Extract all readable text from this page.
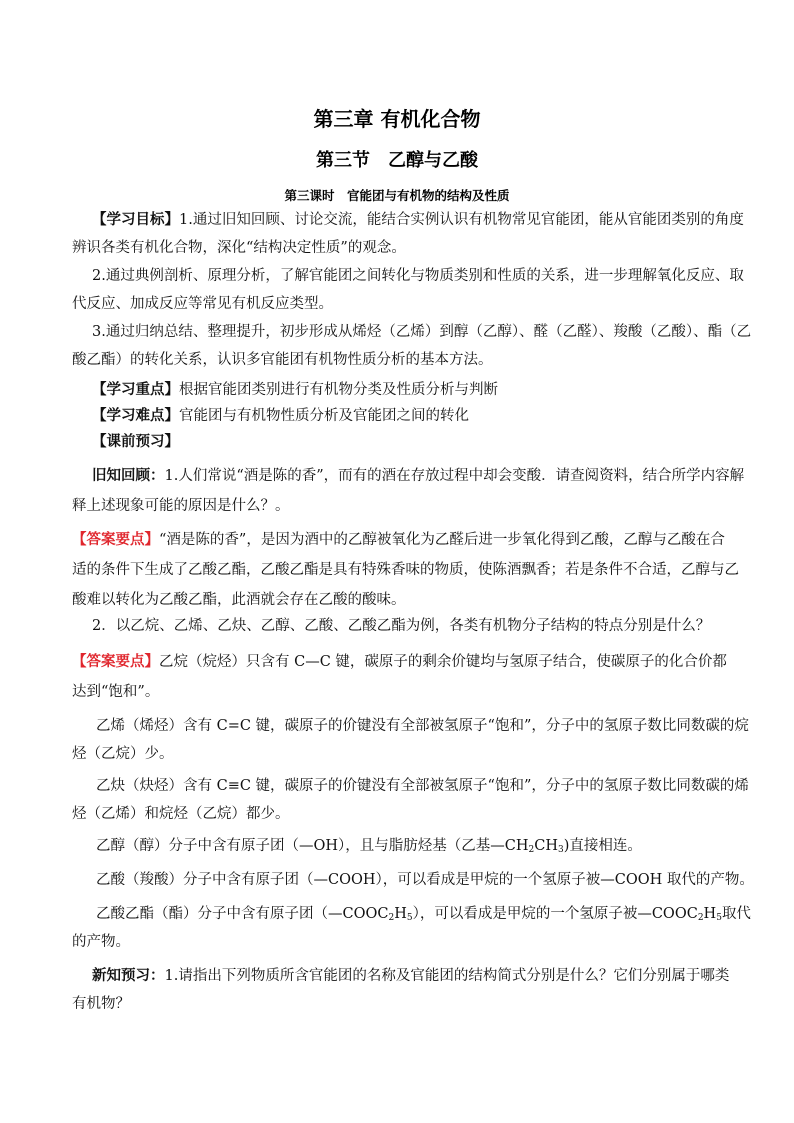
第三章 有机化合物
第三节　乙醇与乙酸
第三课时　官能团与有机物的结构及性质
【学习目标】1.通过旧知回顾、讨论交流，能结合实例认识有机物常见官能团，能从官能团类别的角度
辨识各类有机化合物，深化“结构决定性质”的观念。
2.通过典例剖析、原理分析，了解官能团之间转化与物质类别和性质的关系，进一步理解氧化反应、取
代反应、加成反应等常见有机反应类型。
3.通过归纳总结、整理提升，初步形成从烯烃（乙烯）到醇（乙醇）、醛（乙醛）、羧酸（乙酸）、酯（乙
酸乙酯）的转化关系，认识多官能团有机物性质分析的基本方法。
【学习重点】根据官能团类别进行有机物分类及性质分析与判断
【学习难点】官能团与有机物性质分析及官能团之间的转化
【课前预习】
旧知回顾：1.人们常说“酒是陈的香”，而有的酒在存放过程中却会变酸．请查阅资料，结合所学内容解
释上述现象可能的原因是什么？。
【答案要点】“酒是陈的香”，是因为酒中的乙醇被氧化为乙醛后进一步氧化得到乙酸，乙醇与乙酸在合
适的条件下生成了乙酸乙酯，乙酸乙酯是具有特殊香味的物质，使陈酒飘香；若是条件不合适，乙醇与乙
酸难以转化为乙酸乙酯，此酒就会存在乙酸的酸味。
2．以乙烷、乙烯、乙炔、乙醇、乙酸、乙酸乙酯为例，各类有机物分子结构的特点分别是什么？
【答案要点】乙烷（烷烃）只含有 C—C 键，碳原子的剩余价键均与氢原子结合，使碳原子的化合价都
达到“饱和”。
乙烯（烯烃）含有 C=C 键，碳原子的价键没有全部被氢原子“饱和”，分子中的氢原子数比同数碳的烷
烃（乙烷）少。
乙炔（炔烃）含有 C≡C 键，碳原子的价键没有全部被氢原子“饱和”，分子中的氢原子数比同数碳的烯
烃（乙烯）和烷烃（乙烷）都少。
乙醇（醇）分子中含有原子团（—OH），且与脂肪烃基（乙基$—CH_2CH_3$)直接相连。
乙酸（羧酸）分子中含有原子团（—COOH），可以看成是甲烷的一个氢原子被—COOH 取代的产物。
乙酸乙酯（酯）分子中含有原子团$(—COOC_2H_5)$，可以看成是甲烷的一个氢原子被$—COOC_2H_5$取代
的产物。
新知预习：1.请指出下列物质所含官能团的名称及官能团的结构简式分别是什么？它们分别属于哪类
有机物？
